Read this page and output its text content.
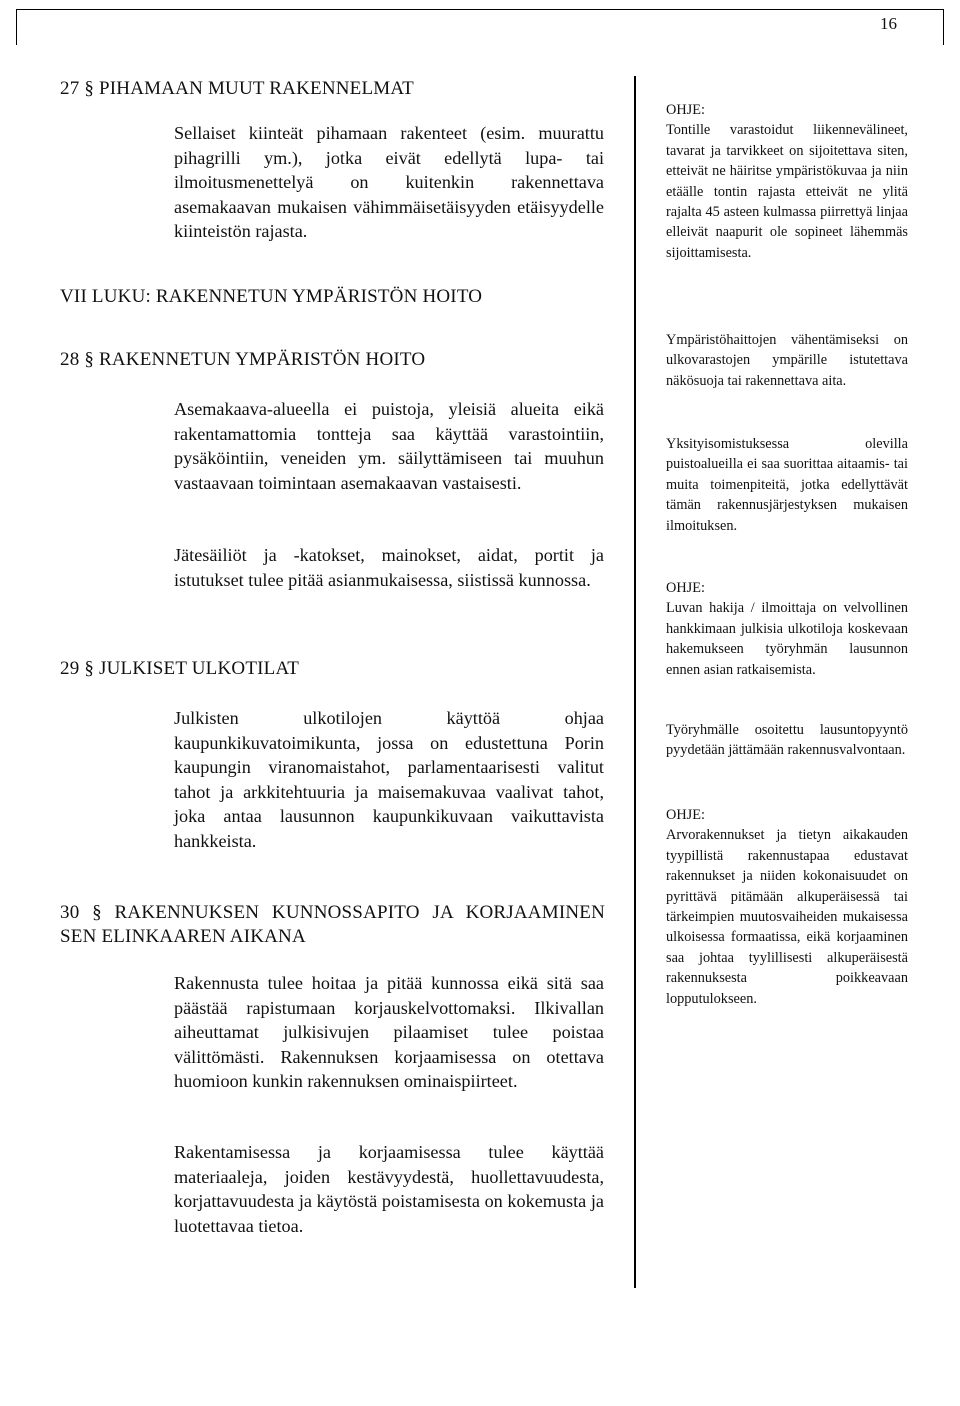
16
27 § PIHAMAAN MUUT RAKENNELMAT

Sellaiset kiinteät pihamaan rakenteet (esim. muurattu pihagrilli ym.), jotka eivät edellytä lupa- tai ilmoitusmenettelyä on kuitenkin rakennettava asemakaavan mukaisen vähimmäisetäisyyden etäisyydelle kiinteistön rajasta.

VII LUKU: RAKENNETUN YMPÄRISTÖN HOITO
28 § RAKENNETUN YMPÄRISTÖN HOITO

Asemakaava-alueella ei puistoja, yleisiä alueita eikä rakentamattomia tontteja saa käyttää varastointiin, pysäköintiin, veneiden ym. säilyttämiseen tai muuhun vastaavaan toimintaan asemakaavan vastaisesti.

Jätesäiliöt ja -katokset, mainokset, aidat, portit ja istutukset tulee pitää asianmukaisessa, siistissä kunnossa.

29 § JULKISET ULKOTILAT

Julkisten ulkotilojen käyttöä ohjaa kaupunkikuvatoimikunta, jossa on edustettuna Porin kaupungin viranomaistahot, parlamentaarisesti valitut tahot ja arkkitehtuuria ja maisemakuvaa vaalivat tahot, joka antaa lausunnon kaupunkikuvaan vaikuttavista hankkeista.

30 § RAKENNUKSEN KUNNOSSAPITO JA KORJAAMINEN SEN ELINKAAREN AIKANA

Rakennusta tulee hoitaa ja pitää kunnossa eikä sitä saa päästää rapistumaan korjauskelvottomaksi. Ilkivallan aiheuttamat julkisivujen pilaamiset tulee poistaa välittömästi. Rakennuksen korjaamisessa on otettava huomioon kunkin rakennuksen ominaispiirteet.

Rakentamisessa ja korjaamisessa tulee käyttää materiaaleja, joiden kestävyydestä, huollettavuudesta, korjattavuudesta ja käytöstä poistamisesta on kokemusta ja luotettavaa tietoa.

OHJE:
Tontille varastoidut liikennevälineet, tavarat ja tarvikkeet on sijoitettava siten, etteivät ne häiritse ympäristökuvaa ja niin etäälle tontin rajasta etteivät ne ylitä rajalta 45 asteen kulmassa piirrettyä linjaa elleivät naapurit ole sopineet lähemmäs sijoittamisesta.

Ympäristöhaittojen vähentämiseksi on ulkovarastojen ympärille istutettava näkösuoja tai rakennettava aita.

Yksityisomistuksessa olevilla puistoalueilla ei saa suorittaa aitaamis- tai muita toimenpiteitä, jotka edellyttävät tämän rakennusjärjestyksen mukaisen ilmoituksen.

OHJE:
Luvan hakija / ilmoittaja on velvollinen hankkimaan julkisia ulkotiloja koskevaan hakemukseen työryhmän lausunnon ennen asian ratkaisemista.

Työryhmälle osoitettu lausuntopyyntö pyydetään jättämään rakennusvalvontaan.

OHJE:
Arvorakennukset ja tietyn aikakauden tyypillistä rakennustapaa edustavat rakennukset ja niiden kokonaisuudet on pyrittävä pitämään alkuperäisessä tai tärkeimpien muutosvaiheiden mukaisessa ulkoisessa formaatissa, eikä korjaaminen saa johtaa tyylillisesti alkuperäisestä rakennuksesta poikkeavaan lopputulokseen.
